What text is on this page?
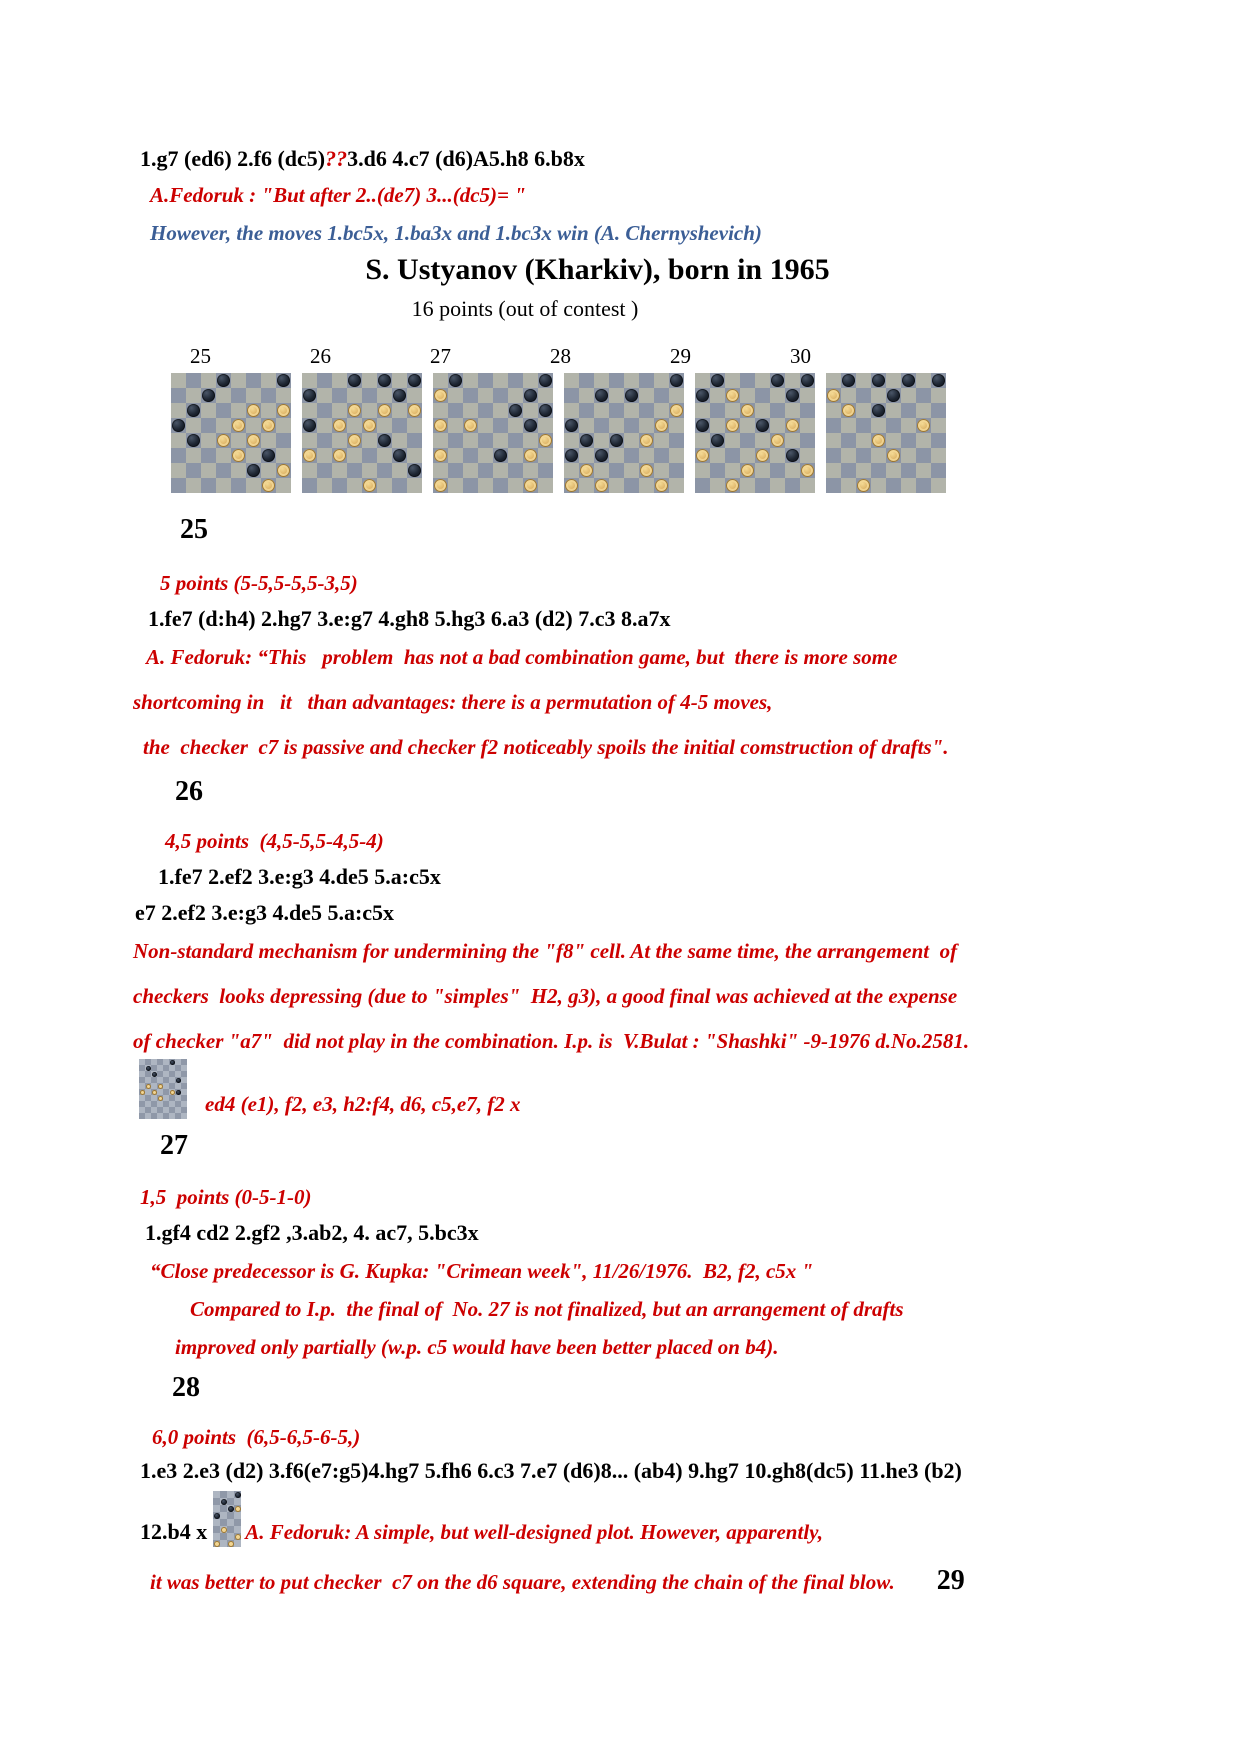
1.g7 (ed6) 2.f6 (dc5)??3.d6 4.c7 (d6)A5.h8 6.b8x
A.Fedoruk : "But after 2..(de7) 3...(dc5)= "
However, the moves 1.bc5x, 1.ba3x and 1.bc3x win (A. Chernyshevich)
S. Ustyanov (Kharkiv), born in 1965
16 points (out of contest )
25	26	27	28	29	30
25
5 points (5-5,5-5,5-3,5)
1.fe7 (d:h4) 2.hg7 3.e:g7 4.gh8 5.hg3 6.a3 (d2) 7.c3 8.a7x
A. Fedoruk: “This   problem  has not a bad combination game, but  there is more some
shortcoming in   it   than advantages: there is a permutation of 4-5 moves,
the  checker  c7 is passive and checker f2 noticeably spoils the initial comstruction of drafts".
26
4,5 points  (4,5-5,5-4,5-4)
1.fe7 2.ef2 3.e:g3 4.de5 5.a:c5x
e7 2.ef2 3.e:g3 4.de5 5.a:c5x
Non-standard mechanism for undermining the "f8" cell. At the same time, the arrangement  of
checkers  looks depressing (due to "simples"  H2, g3), a good final was achieved at the expense
of checker "a7"  did not play in the combination. I.p. is  V.Bulat : "Shashki" -9-1976 d.No.2581.
ed4 (e1), f2, e3, h2:f4, d6, c5,e7, f2 x
27
1,5  points (0-5-1-0)
1.gf4 cd2 2.gf2 ,3.ab2, 4. ac7, 5.bc3x
“Close predecessor is G. Kupka: "Crimean week", 11/26/1976.  B2, f2, c5x "
Compared to I.p.  the final of  No. 27 is not finalized, but an arrangement of drafts
improved only partially (w.p. c5 would have been better placed on b4).
28
6,0 points  (6,5-6,5-6-5,)
1.e3 2.e3 (d2) 3.f6(e7:g5)4.hg7 5.fh6 6.c3 7.e7 (d6)8... (ab4) 9.hg7 10.gh8(dc5) 11.he3 (b2)
12.b4 x A. Fedoruk: A simple, but well-designed plot. However, apparently,
it was better to put checker  c7 on the d6 square, extending the chain of the final blow. 29
